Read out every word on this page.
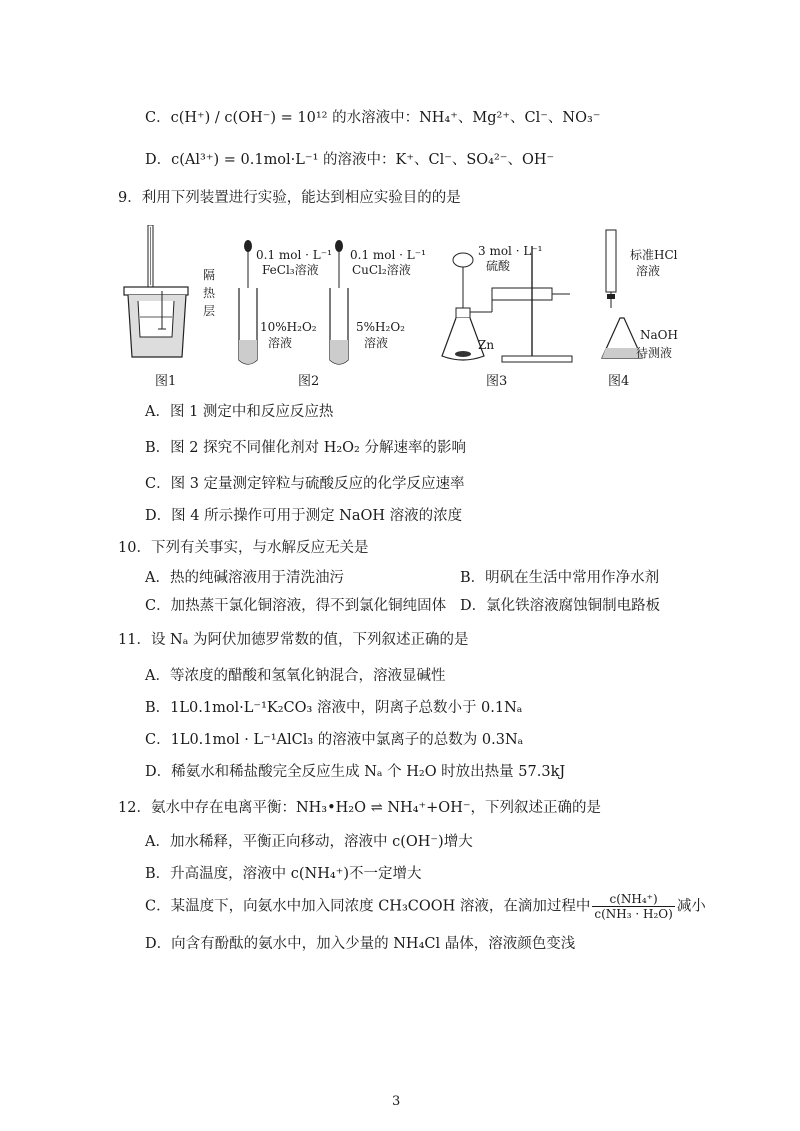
C．c(H⁺) / c(OH⁻) = 10¹² 的水溶液中：NH₄⁺、Mg²⁺、Cl⁻、NO₃⁻
D．c(Al³⁺) = 0.1mol·L⁻¹ 的溶液中：K⁺、Cl⁻、SO₄²⁻、OH⁻
9．利用下列装置进行实验，能达到相应实验目的的是
隔
热
层
图1
0.1 mol · L⁻¹
FeCl₃溶液
10%H₂O₂
溶液
0.1 mol · L⁻¹
CuCl₂溶液
5%H₂O₂
溶液
图2
3 mol · L⁻¹
硫酸
Zn
图3
标准HCl
溶液
NaOH
待测液
图4
A．图 1 测定中和反应反应热
B．图 2 探究不同催化剂对 H₂O₂ 分解速率的影响
C．图 3 定量测定锌粒与硫酸反应的化学反应速率
D．图 4 所示操作可用于测定 NaOH 溶液的浓度
10．下列有关事实，与水解反应无关是
A．热的纯碱溶液用于清洗油污	B．明矾在生活中常用作净水剂
C．加热蒸干氯化铜溶液，得不到氯化铜纯固体 D．氯化铁溶液腐蚀铜制电路板
11．设 Nₐ 为阿伏加德罗常数的值，下列叙述正确的是
A．等浓度的醋酸和氢氧化钠混合，溶液显碱性
B．1L0.1mol·L⁻¹K₂CO₃ 溶液中，阴离子总数小于 0.1Nₐ
C．1L0.1mol · L⁻¹AlCl₃ 的溶液中氯离子的总数为 0.3Nₐ
D．稀氨水和稀盐酸完全反应生成 Nₐ 个 H₂O 时放出热量 57.3kJ
12．氨水中存在电离平衡：NH₃•H₂O ⇌ NH₄⁺+OH⁻，下列叙述正确的是
A．加水稀释，平衡正向移动，溶液中 c(OH⁻)增大
B．升高温度，溶液中 c(NH₄⁺)不一定增大
C．某温度下，向氨水中加入同浓度 CH₃COOH 溶液，在滴加过程中 $\frac{\text{c(NH₄⁺)}}{\text{c(NH₃ · H₂O)}}$ 减小
D．向含有酚酞的氨水中，加入少量的 NH₄Cl 晶体，溶液颜色变浅
3
